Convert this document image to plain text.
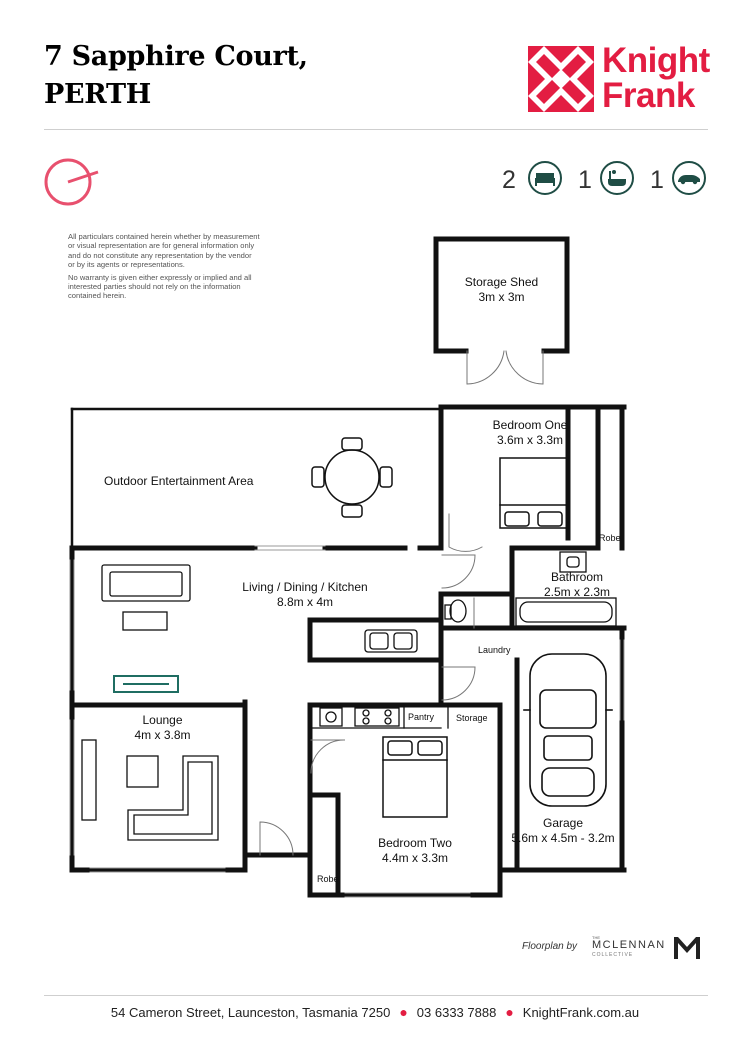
7 Sapphire Court,
PERTH
Knight
Frank
2 1 1

All particulars contained herein whether by measurement or visual representation are for general information only and do not constitute any representation by the vendor or by its agents or representations.

No warranty is given either expressly or implied and all interested parties should not rely on the information contained herein.

Storage Shed
3m x 3m
Bedroom One
3.6m x 3.3m
Robe
Outdoor Entertainment Area
Living / Dining / Kitchen
8.8m x 4m
Bathroom
2.5m x 2.3m
Laundry
Pantry Storage
Lounge
4m x 3.8m
Bedroom Two
4.4m x 3.3m
Robe
Garage
5.6m x 4.5m - 3.2m
Floorplan by
THE
MCLENNAN
COLLECTIVE
54 Cameron Street, Launceston, Tasmania 7250 ● 03 6333 7888 ● KnightFrank.com.au
